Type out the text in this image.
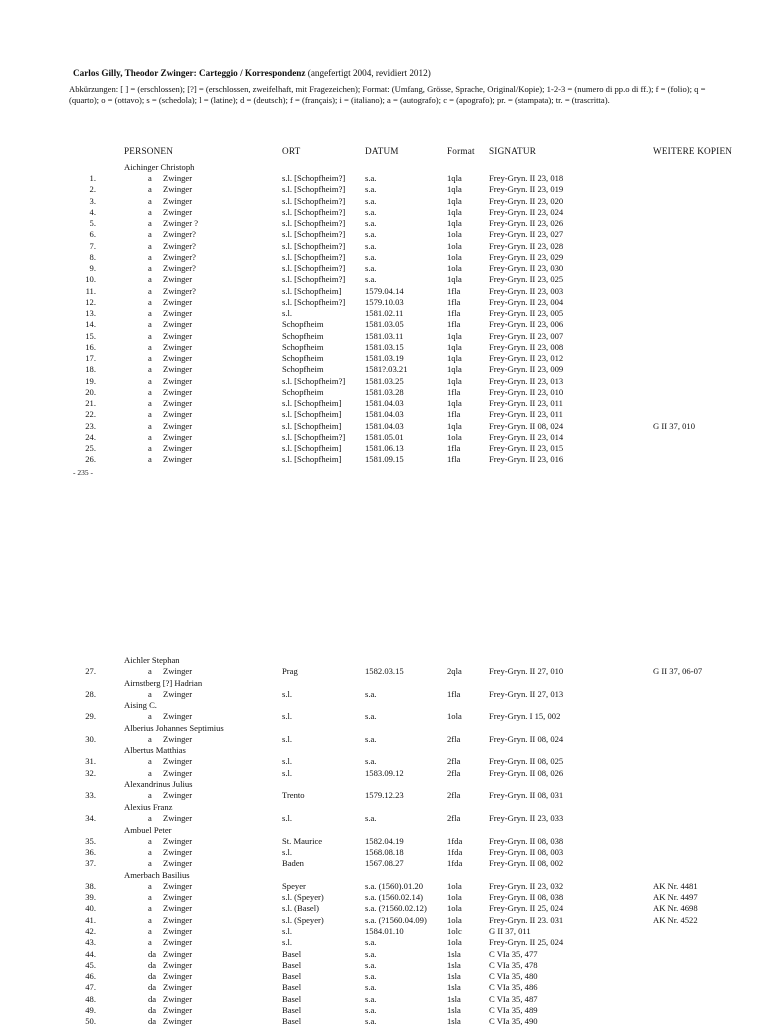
Carlos Gilly, Theodor Zwinger: Carteggio / Korrespondenz (angefertigt 2004, revidiert 2012)
Abkürzungen: [ ] = (erschlossen); [?] = (erschlossen, zweifelhaft, mit Fragezeichen); Format: (Umfang, Grösse, Sprache, Original/Kopie); 1-2-3 = (numero di pp.o di ff.); f = (folio); q = (quarto); o = (ottavo); s = (schedola); l = (latine); d = (deutsch); f = (français); i = (italiano); a = (autografo); c = (apografo); pr. = (stampata); tr. = (trascritta).
PERSONEN	ORT	DATUM	Format SIGNATUR	WEITERE KOPIEN
- 235 -
Aichinger Christoph
1.	a Zwinger	s.l. [Schopfheim?] s.a.	1qla	Frey-Gryn. II 23, 018
2.	a Zwinger	s.l. [Schopfheim?] s.a.	1qla	Frey-Gryn. II 23, 019
3.	a Zwinger	s.l. [Schopfheim?] s.a.	1qla	Frey-Gryn. II 23, 020
4.	a Zwinger	s.l. [Schopfheim?] s.a.	1qla	Frey-Gryn. II 23, 024
5.	a Zwinger ?	s.l. [Schopfheim?] s.a.	1qla	Frey-Gryn. II 23, 026
6.	a Zwinger?	s.l. [Schopfheim?] s.a.	1ola	Frey-Gryn. II 23, 027
7.	a Zwinger?	s.l. [Schopfheim?] s.a.	1ola	Frey-Gryn. II 23, 028
8.	a Zwinger?	s.l. [Schopfheim?] s.a.	1ola	Frey-Gryn. II 23, 029
9.	a Zwinger?	s.l. [Schopfheim?] s.a.	1ola	Frey-Gryn. II 23, 030
10.	a Zwinger	s.l. [Schopfheim?] s.a.	1qla	Frey-Gryn. II 23, 025
11.	a Zwinger?	s.l. [Schopfheim]	1579.04.14	1fla	Frey-Gryn. II 23, 003
12.	a Zwinger	s.l. [Schopfheim?] 1579.10.03	1fla	Frey-Gryn. II 23, 004
13.	a Zwinger	s.l.	1581.02.11	1fla	Frey-Gryn. II 23, 005
14.	a Zwinger	Schopfheim	1581.03.05	1fla	Frey-Gryn. II 23, 006
15.	a Zwinger	Schopfheim	1581.03.11	1qla	Frey-Gryn. II 23, 007
16.	a Zwinger	Schopfheim	1581.03.15	1qla	Frey-Gryn. II 23, 008
17.	a Zwinger	Schopfheim	1581.03.19	1qla	Frey-Gryn. II 23, 012
18.	a Zwinger	Schopfheim	1581?.03.21	1qla	Frey-Gryn. II 23, 009
19.	a Zwinger	s.l. [Schopfheim?] 1581.03.25	1qla	Frey-Gryn. II 23, 013
20.	a Zwinger	Schopfheim	1581.03.28	1fla	Frey-Gryn. II 23, 010
21.	a Zwinger	s.l. [Schopfheim]	1581.04.03	1qla	Frey-Gryn. II 23, 011
22.	a Zwinger	s.l. [Schopfheim]	1581.04.03	1fla	Frey-Gryn. II 23, 011
23.	a Zwinger	s.l. [Schopfheim]	1581.04.03	1qla	Frey-Gryn. II 08, 024	G II 37, 010
24.	a Zwinger	s.l. [Schopfheim?] 1581.05.01	1ola	Frey-Gryn. II 23, 014
25.	a Zwinger	s.l. [Schopfheim]	1581.06.13	1fla	Frey-Gryn. II 23, 015
26.	a Zwinger	s.l. [Schopfheim]	1581.09.15	1fla	Frey-Gryn. II 23, 016
Aichler Stephan
27.	a Zwinger	Prag	1582.03.15	2qla	Frey-Gryn. II 27, 010	G II 37, 06-07
Airnstberg [?] Hadrian
28.	a Zwinger	s.l.	s.a.	1fla	Frey-Gryn. II 27, 013
Aising C.
29.	a Zwinger	s.l.	s.a.	1ola	Frey-Gryn. I 15, 002
Alberius Johannes Septimius
30.	a Zwinger	s.l.	s.a.	2fla	Frey-Gryn. II 08, 024
Albertus Matthias
31.	a Zwinger	s.l.	s.a.	2fla	Frey-Gryn. II 08, 025
32.	a Zwinger	s.l.	1583.09.12	2fla	Frey-Gryn. II 08, 026
Alexandrinus Julius
33.	a Zwinger	Trento	1579.12.23	2fla	Frey-Gryn. II 08, 031
Alexius Franz
34.	a Zwinger	s.l.	s.a.	2fla	Frey-Gryn. II 23, 033
Ambuel Peter
35.	a Zwinger	St. Maurice	1582.04.19	1fda	Frey-Gryn. II 08, 038
36.	a Zwinger	s.l.	1568.08.18	1fda	Frey-Gryn. II 08, 003
37.	a Zwinger	Baden	1567.08.27	1fda	Frey-Gryn. II 08, 002
Amerbach Basilius
38.	a Zwinger	Speyer	s.a. (1560).01.20	1ola	Frey-Gryn. II 23, 032	AK Nr. 4481
39.	a Zwinger	s.l. (Speyer)	s.a. (1560.02.14)	1ola	Frey-Gryn. II 08, 038	AK Nr. 4497
40.	a Zwinger	s.l. (Basel)	s.a. (?1560.02.12) 1ola	Frey-Gryn. II 25, 024	AK Nr. 4698
41.	a Zwinger	s.l. (Speyer)	s.a. (?1560.04.09) 1ola	Frey-Gryn. II 23. 031	AK Nr. 4522
42.	a Zwinger	s.l.	1584.01.10	1olc	G II 37, 011
43.	a Zwinger	s.l.	s.a.	1ola	Frey-Gryn. II 25, 024
44.	da Zwinger	Basel	s.a.	1sla	C VIa 35, 477
45.	da Zwinger	Basel	s.a.	1sla	C VIa 35, 478
46.	da Zwinger	Basel	s.a.	1sla	C VIa 35, 480
47.	da Zwinger	Basel	s.a.	1sla	C VIa 35, 486
48.	da Zwinger	Basel	s.a.	1sla	C VIa 35, 487
49.	da Zwinger	Basel	s.a.	1sla	C VIa 35, 489
50.	da Zwinger	Basel	s.a.	1sla	C VIa 35, 490
